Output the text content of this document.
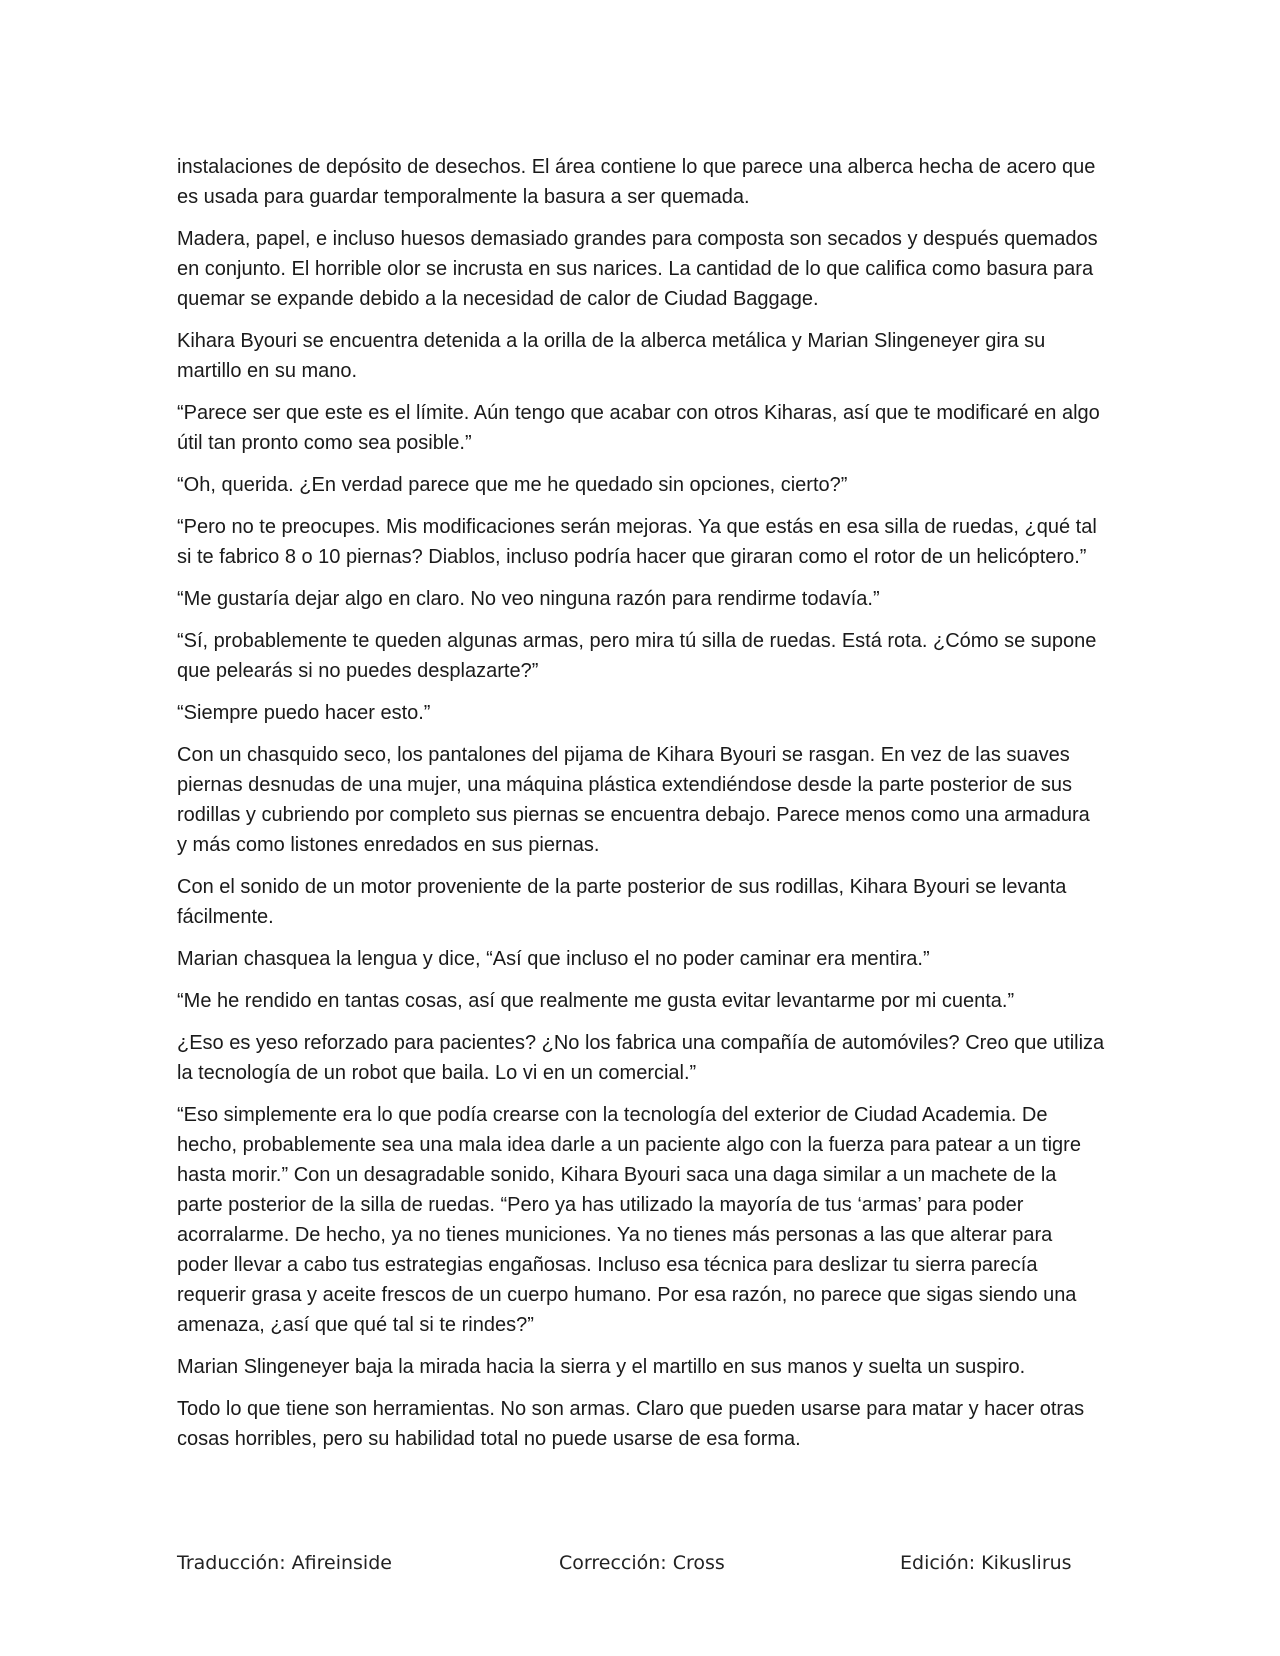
instalaciones de depósito de desechos. El área contiene lo que parece una alberca hecha de acero que es usada para guardar temporalmente la basura a ser quemada.

Madera, papel, e incluso huesos demasiado grandes para composta son secados y después quemados en conjunto. El horrible olor se incrusta en sus narices. La cantidad de lo que califica como basura para quemar se expande debido a la necesidad de calor de Ciudad Baggage.

Kihara Byouri se encuentra detenida a la orilla de la alberca metálica y Marian Slingeneyer gira su martillo en su mano.

“Parece ser que este es el límite. Aún tengo que acabar con otros Kiharas, así que te modificaré en algo útil tan pronto como sea posible.”

“Oh, querida. ¿En verdad parece que me he quedado sin opciones, cierto?”

“Pero no te preocupes. Mis modificaciones serán mejoras. Ya que estás en esa silla de ruedas, ¿qué tal si te fabrico 8 o 10 piernas? Diablos, incluso podría hacer que giraran como el rotor de un helicóptero.”

“Me gustaría dejar algo en claro. No veo ninguna razón para rendirme todavía.”

“Sí, probablemente te queden algunas armas, pero mira tú silla de ruedas. Está rota. ¿Cómo se supone que pelearás si no puedes desplazarte?”

“Siempre puedo hacer esto.”

Con un chasquido seco, los pantalones del pijama de Kihara Byouri se rasgan. En vez de las suaves piernas desnudas de una mujer, una máquina plástica extendiéndose desde la parte posterior de sus rodillas y cubriendo por completo sus piernas se encuentra debajo. Parece menos como una armadura y más como listones enredados en sus piernas.

Con el sonido de un motor proveniente de la parte posterior de sus rodillas, Kihara Byouri se levanta fácilmente.

Marian chasquea la lengua y dice, “Así que incluso el no poder caminar era mentira.”

“Me he rendido en tantas cosas, así que realmente me gusta evitar levantarme por mi cuenta.”

¿Eso es yeso reforzado para pacientes? ¿No los fabrica una compañía de automóviles? Creo que utiliza la tecnología de un robot que baila. Lo vi en un comercial.”

“Eso simplemente era lo que podía crearse con la tecnología del exterior de Ciudad Academia. De hecho, probablemente sea una mala idea darle a un paciente algo con la fuerza para patear a un tigre hasta morir.” Con un desagradable sonido, Kihara Byouri saca una daga similar a un machete de la parte posterior de la silla de ruedas. “Pero ya has utilizado la mayoría de tus ‘armas’ para poder acorralarme. De hecho, ya no tienes municiones. Ya no tienes más personas a las que alterar para poder llevar a cabo tus estrategias engañosas. Incluso esa técnica para deslizar tu sierra parecía requerir grasa y aceite frescos de un cuerpo humano. Por esa razón, no parece que sigas siendo una amenaza, ¿así que qué tal si te rindes?”

Marian Slingeneyer baja la mirada hacia la sierra y el martillo en sus manos y suelta un suspiro.

Todo lo que tiene son herramientas. No son armas. Claro que pueden usarse para matar y hacer otras cosas horribles, pero su habilidad total no puede usarse de esa forma.

Traducción: Afireinside	Corrección: Cross	Edición: Kikuslirus
